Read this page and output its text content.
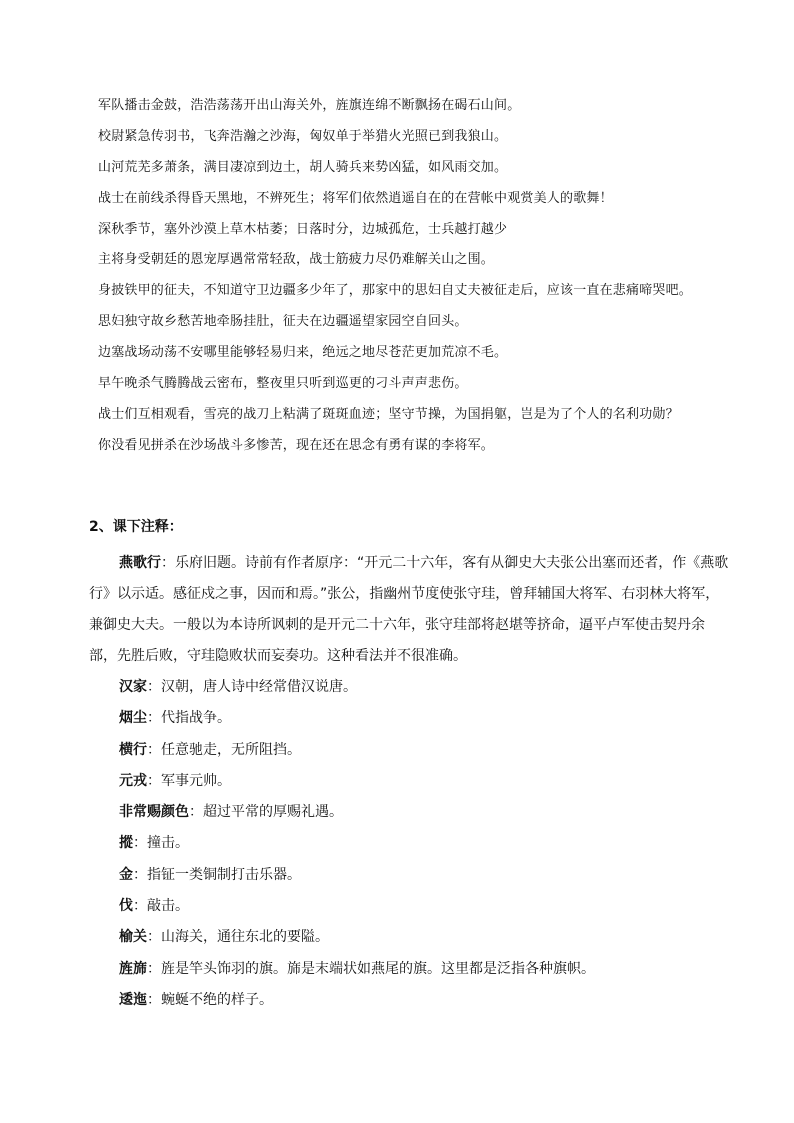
军队播击金鼓，浩浩荡荡开出山海关外，旌旗连绵不断飘扬在碣石山间。
校尉紧急传羽书，飞奔浩瀚之沙海，匈奴单于举猎火光照已到我狼山。
山河荒芜多萧条，满目凄凉到边土，胡人骑兵来势凶猛，如风雨交加。
战士在前线杀得昏天黑地，不辨死生；将军们依然逍遥自在的在营帐中观赏美人的歌舞！
深秋季节，塞外沙漠上草木枯萎；日落时分，边城孤危，士兵越打越少
主将身受朝廷的恩宠厚遇常常轻敌，战士筋疲力尽仍难解关山之围。
身披铁甲的征夫，不知道守卫边疆多少年了，那家中的思妇自丈夫被征走后，应该一直在悲痛啼哭吧。
思妇独守故乡愁苦地牵肠挂肚，征夫在边疆遥望家园空自回头。
边塞战场动荡不安哪里能够轻易归来，绝远之地尽苍茫更加荒凉不毛。
早午晚杀气腾腾战云密布，整夜里只听到巡更的刁斗声声悲伤。
战士们互相观看，雪亮的战刀上粘满了斑斑血迹；坚守节操，为国捐躯，岂是为了个人的名利功勋？
你没看见拼杀在沙场战斗多惨苦，现在还在思念有勇有谋的李将军。
2、课下注释：

燕歌行：乐府旧题。诗前有作者原序：“开元二十六年，客有从御史大夫张公出塞而还者，作《燕歌行》以示适。感征戍之事，因而和焉。”张公，指幽州节度使张守珪，曾拜辅国大将军、右羽林大将军，兼御史大夫。一般以为本诗所讽刺的是开元二十六年，张守珪部将赵堪等挤命，逼平卢军使击契丹余部，先胜后败，守珪隐败状而妄奏功。这种看法并不很准确。

汉家：汉朝，唐人诗中经常借汉说唐。

烟尘：代指战争。

横行：任意驰走，无所阻挡。

元戎：军事元帅。

非常赐颜色：超过平常的厚赐礼遇。

摐：撞击。

金：指钲一类铜制打击乐器。

伐：敲击。

榆关：山海关，通往东北的要隘。

旌旆：旌是竿头饰羽的旗。旆是末端状如燕尾的旗。这里都是泛指各种旗帜。

逶迤：蜿蜒不绝的样子。
